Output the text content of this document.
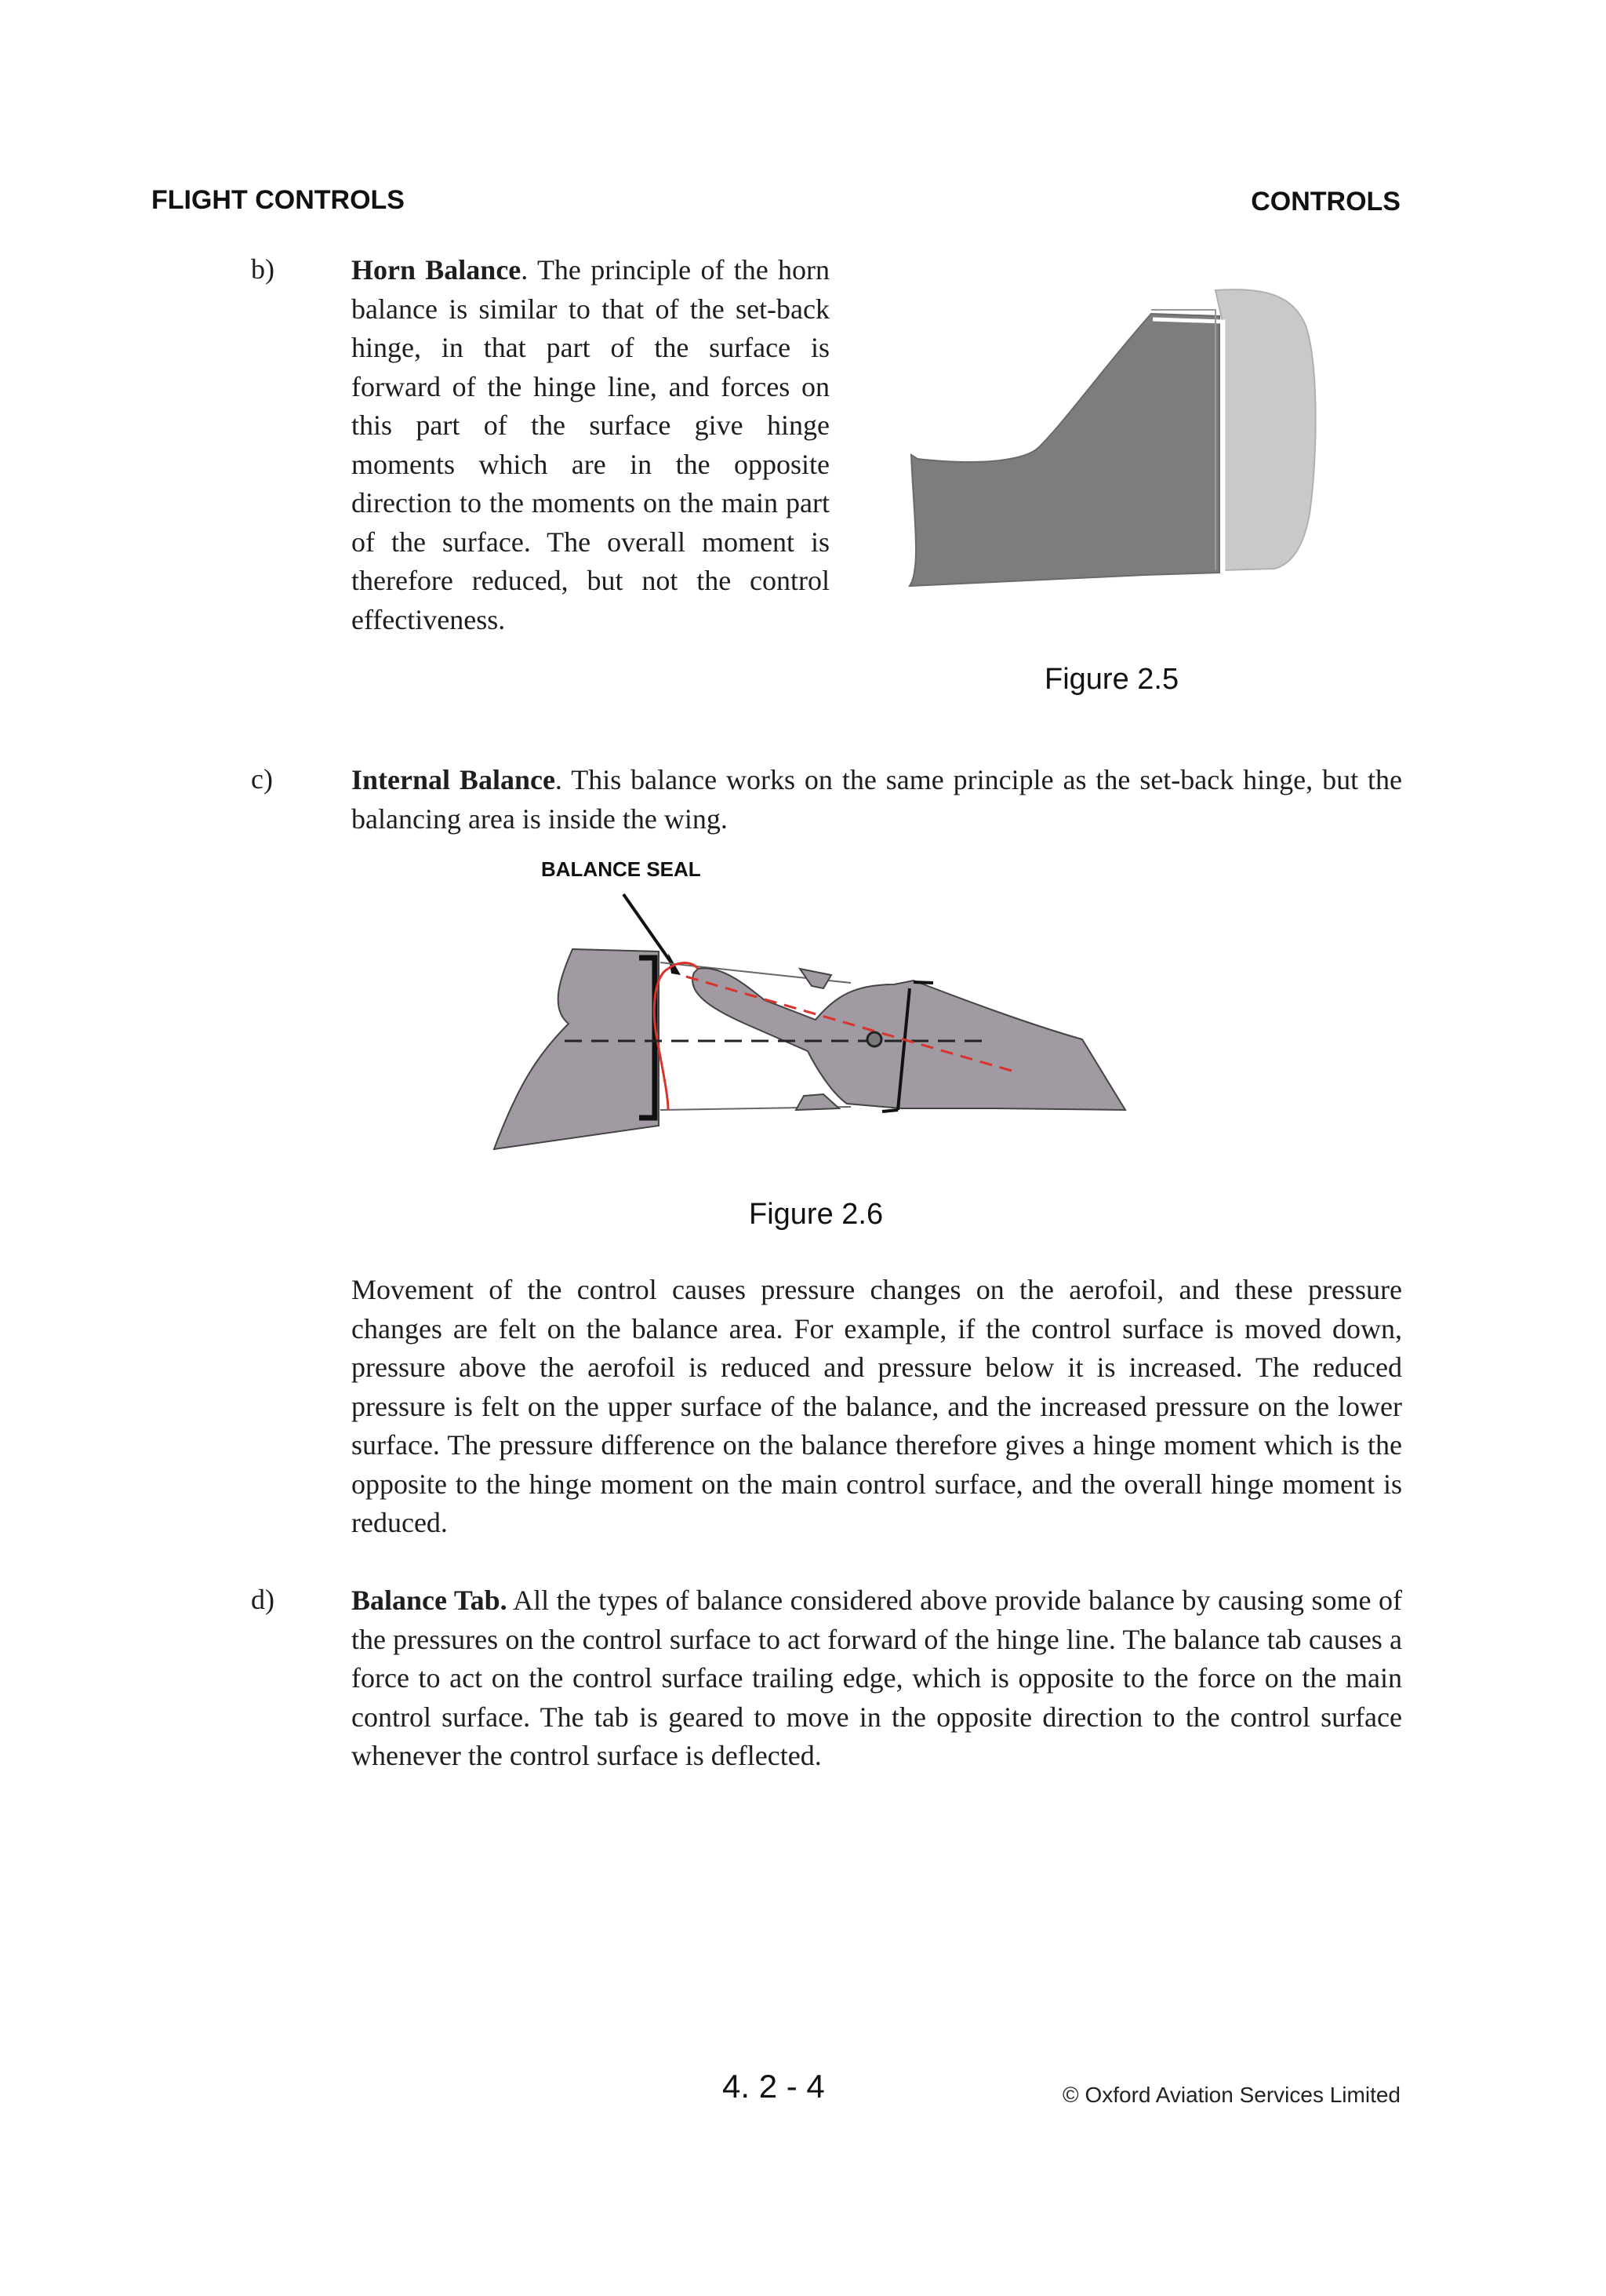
FLIGHT CONTROLS	CONTROLS
b)	Horn Balance. The principle of the horn balance is similar to that of the set-back hinge, in that part of the surface is forward of the hinge line, and forces on this part of the surface give hinge moments which are in the opposite direction to the moments on the main part of the surface. The overall moment is therefore reduced, but not the control effectiveness.
Figure 2.5
c)	Internal Balance. This balance works on the same principle as the set-back hinge, but the balancing area is inside the wing.
BALANCE SEAL
Figure 2.6
Movement of the control causes pressure changes on the aerofoil, and these pressure changes are felt on the balance area. For example, if the control surface is moved down, pressure above the aerofoil is reduced and pressure below it is increased. The reduced pressure is felt on the upper surface of the balance, and the increased pressure on the lower surface. The pressure difference on the balance therefore gives a hinge moment which is the opposite to the hinge moment on the main control surface, and the overall hinge moment is reduced.
d)	Balance Tab. All the types of balance considered above provide balance by causing some of the pressures on the control surface to act forward of the hinge line. The balance tab causes a force to act on the control surface trailing edge, which is opposite to the force on the main control surface. The tab is geared to move in the opposite direction to the control surface whenever the control surface is deflected.
4. 2 - 4	© Oxford Aviation Services Limited
